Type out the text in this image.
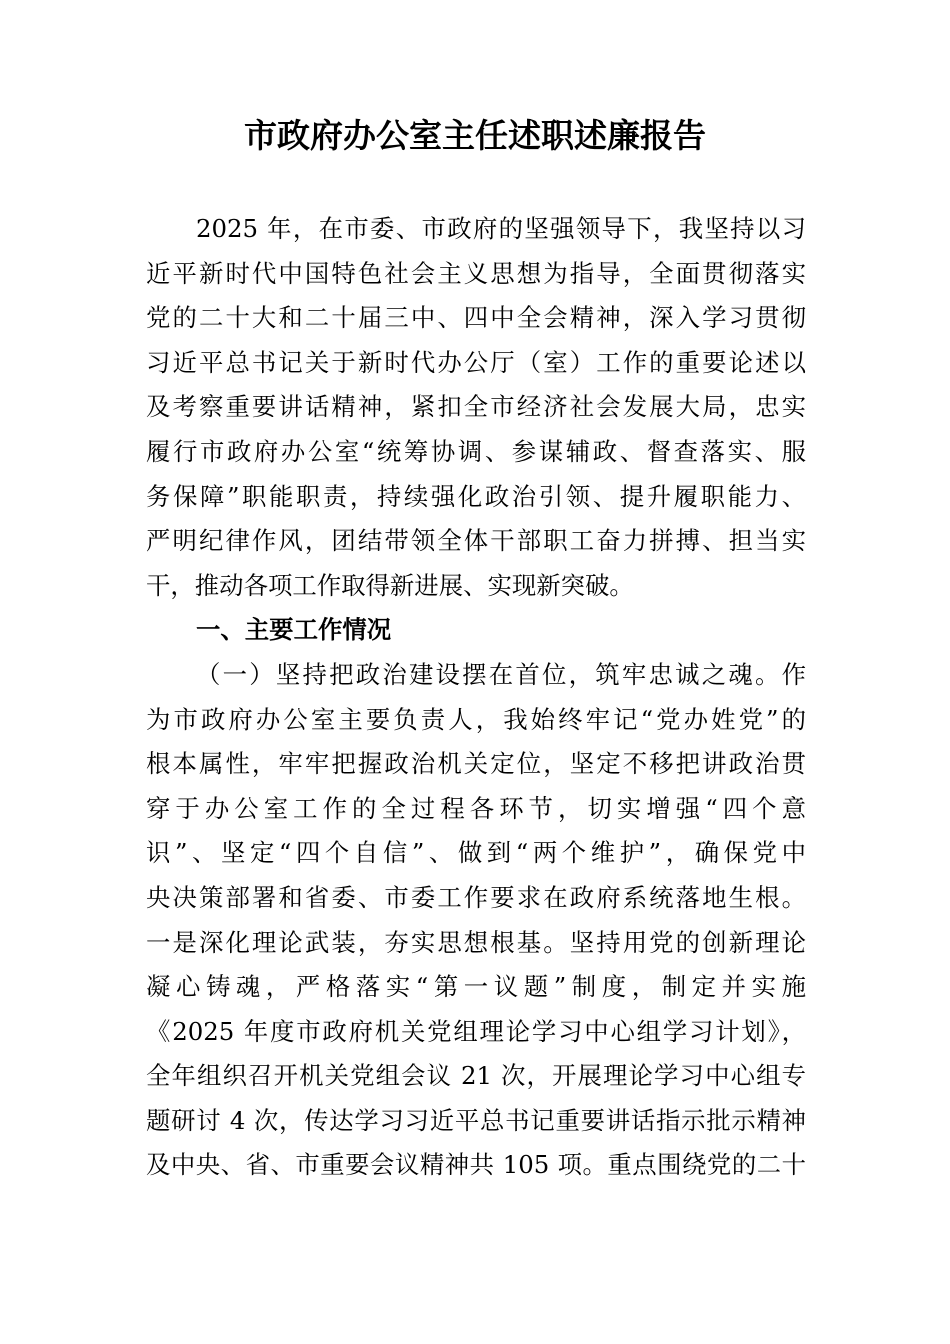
市政府办公室主任述职述廉报告
2025 年，在市委、市政府的坚强领导下，我坚持以习
近平新时代中国特色社会主义思想为指导，全面贯彻落实
党的二十大和二十届三中、四中全会精神，深入学习贯彻
习近平总书记关于新时代办公厅（室）工作的重要论述以
及考察重要讲话精神，紧扣全市经济社会发展大局，忠实
履行市政府办公室“统筹协调、参谋辅政、督查落实、服
务保障”职能职责，持续强化政治引领、提升履职能力、
严明纪律作风，团结带领全体干部职工奋力拼搏、担当实
干，推动各项工作取得新进展、实现新突破。
一、主要工作情况
（一）坚持把政治建设摆在首位，筑牢忠诚之魂。作
为市政府办公室主要负责人，我始终牢记“党办姓党”的
根本属性，牢牢把握政治机关定位，坚定不移把讲政治贯
穿于办公室工作的全过程各环节，切实增强“四个意
识”、坚定“四个自信”、做到“两个维护”，确保党中
央决策部署和省委、市委工作要求在政府系统落地生根。
一是深化理论武装，夯实思想根基。坚持用党的创新理论
凝心铸魂，严格落实“第一议题”制度，制定并实施
《2025 年度市政府机关党组理论学习中心组学习计划》，
全年组织召开机关党组会议 21 次，开展理论学习中心组专
题研讨 4 次，传达学习习近平总书记重要讲话指示批示精神
及中央、省、市重要会议精神共 105 项。重点围绕党的二十
